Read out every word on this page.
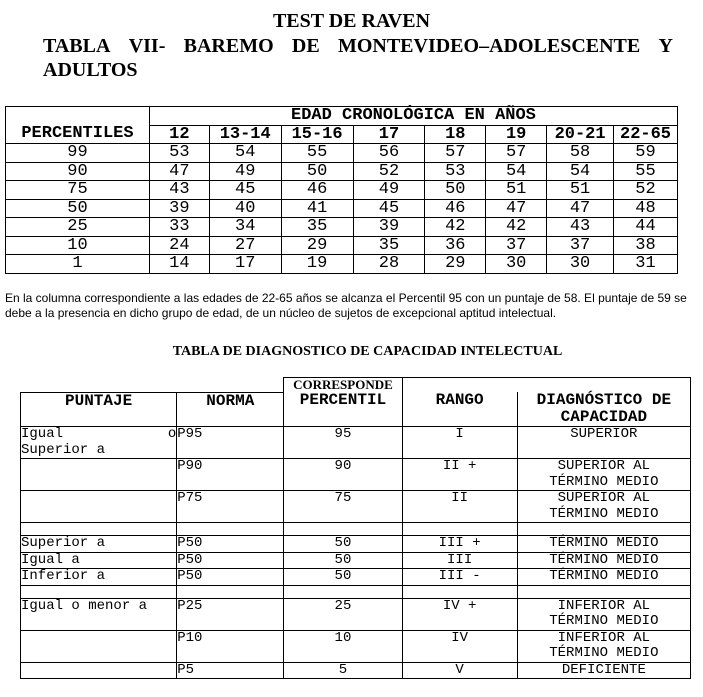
TEST DE RAVEN
TABLA VII- BAREMO DE MONTEVIDEO–ADOLESCENTE Y
ADULTOS
	EDAD CRONOLÓGICA EN AÑOS							
PERCENTILES	12	13-14	15-16	17	18	19	20-21	22-65
99	53	54	55	56	57	57	58	59
90	47	49	50	52	53	54	54	55
75	43	45	46	49	50	51	51	52
50	39	40	41	45	46	47	47	48
25	33	34	35	39	42	42	43	44
10	24	27	29	35	36	37	37	38
1	14	17	19	28	29	30	30	31
En la columna correspondiente a las edades de 22-65 años se alcanza el Percentil 95 con un puntaje de 58. El puntaje de 59 se debe a la presencia en dicho grupo de edad, de un núcleo de sujetos de excepcional aptitud intelectual.
TABLA DE DIAGNOSTICO DE CAPACIDAD INTELECTUAL

		CORRESPONDE		

PUNTAJE	NORMA	PERCENTIL	RANGO	DIAGNÓSTICO DE
CAPACIDAD

Igual o
Superior a	P95	95	I	SUPERIOR
	P90	90	II +	SUPERIOR AL
TÉRMINO MEDIO

	P75	75	II	SUPERIOR AL
TÉRMINO MEDIO

Superior a	P50	50	III +	TÉRMINO MEDIO
Igual a	P50	50	III	TÉRMINO MEDIO
Inferior a	P50	50	III -	TÉRMINO MEDIO

Igual o menor a	P25	25	IV +	INFERIOR AL
TÉRMINO MEDIO

	P10	10	IV	INFERIOR AL
TÉRMINO MEDIO

	P5	5	V	DEFICIENTE
